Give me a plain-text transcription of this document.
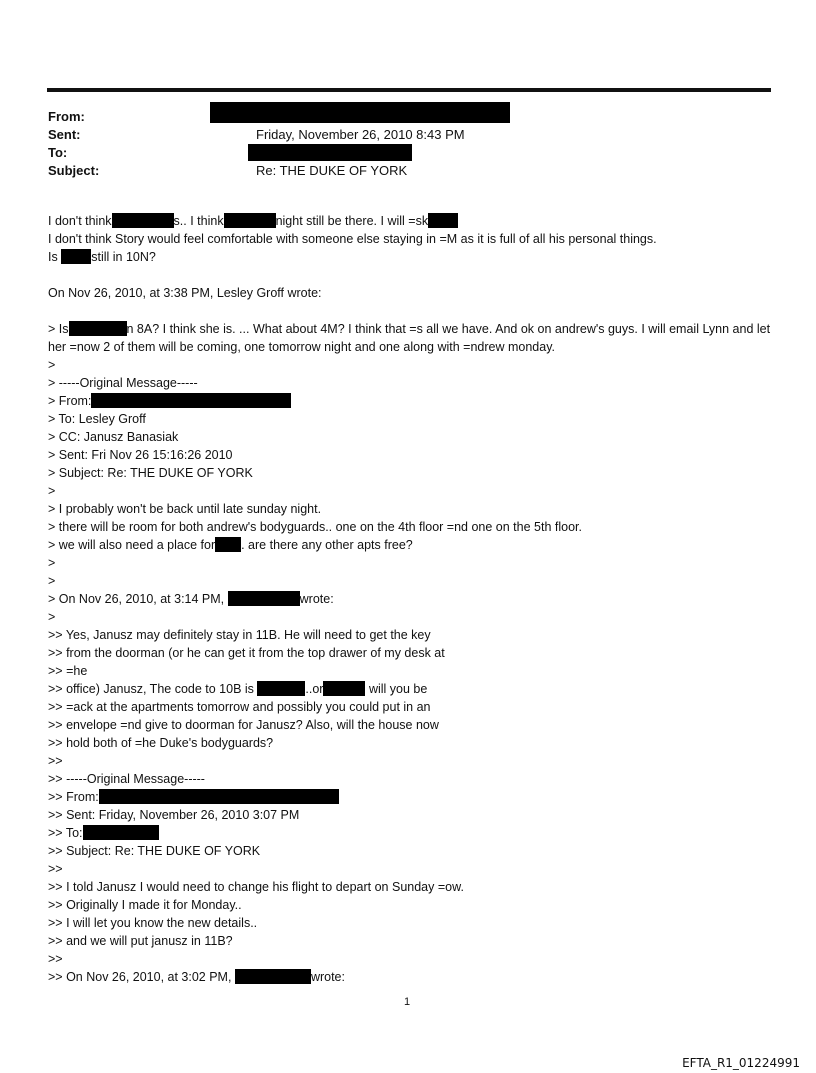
From:
Sent:	Friday, November 26, 2010 8:43 PM
To:
Subject:	Re: THE DUKE OF YORK
I don't think	s.. I think	night still be there. I will =sk
I don't think Story would feel comfortable with someone else staying in =M as it is full of all his personal things.
Is	still in 10N?
On Nov 26, 2010, at 3:38 PM, Lesley Groff wrote:
> Is	n 8A? I think she is. ... What about 4M? I think that =s all we have. And ok on andrew's guys. I will email Lynn and let her =now 2 of them will be coming, one tomorrow night and one along with =ndrew monday.
>
> -----Original Message-----
> From:
> To: Lesley Groff
> CC: Janusz Banasiak
> Sent: Fri Nov 26 15:16:26 2010
> Subject: Re: THE DUKE OF YORK
>
> I probably won't be back until late sunday night.
> there will be room for both andrew's bodyguards.. one on the 4th floor =nd one on the 5th floor.
> we will also need a place for . are there any other apts free?
>
>
> On Nov 26, 2010, at 3:14 PM,	wrote:
>
>> Yes, Janusz may definitely stay in 11B. He will need to get the key
>> from the doorman (or he can get it from the top drawer of my desk at
>> =he
>> office) Janusz, The code to 10B is	..or	will you be
>> =ack at the apartments tomorrow and possibly you could put in an
>> envelope =nd give to doorman for Janusz? Also, will the house now
>> hold both of =he Duke's bodyguards?
>>
>> -----Original Message-----
>> From:
>> Sent: Friday, November 26, 2010 3:07 PM
>> To:
>> Subject: Re: THE DUKE OF YORK
>>
>> I told Janusz I would need to change his flight to depart on Sunday =ow.
>> Originally I made it for Monday..
>> I will let you know the new details..
>> and we will put janusz in 11B?
>>
>> On Nov 26, 2010, at 3:02 PM,	wrote:
1
EFTA_R1_01224991
